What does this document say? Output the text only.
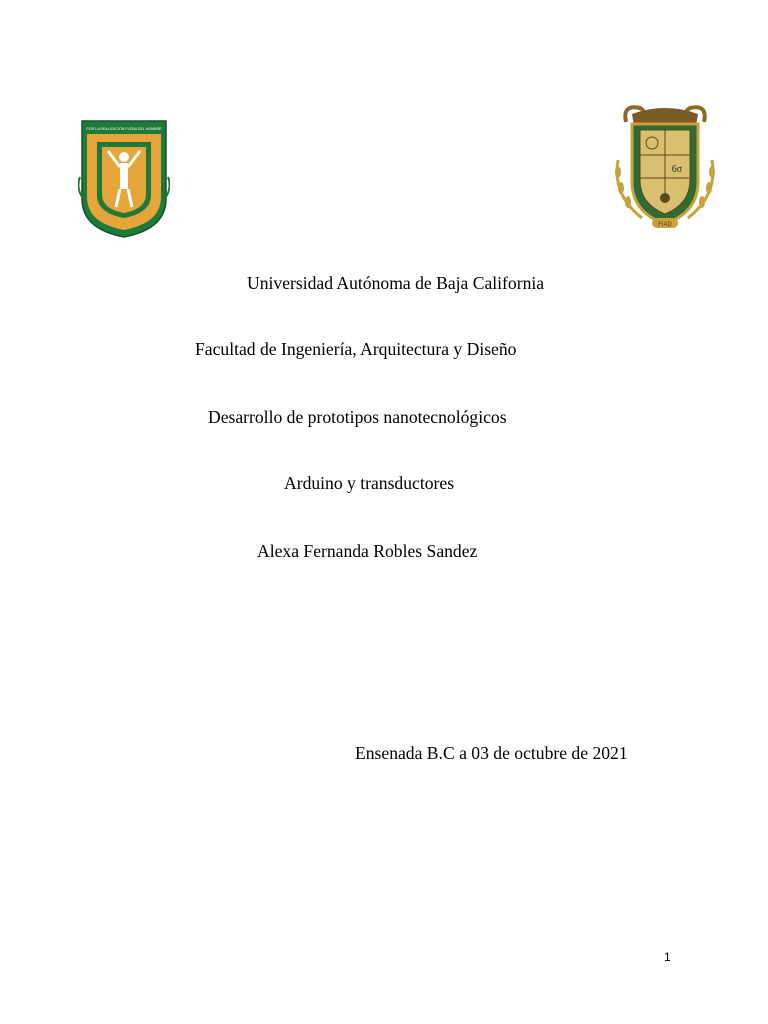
POR LA REALIZACIÓN PLENA DEL HOMBRE
6σ
FIAD
Universidad Autónoma de Baja California
Facultad de Ingeniería, Arquitectura y Diseño
Desarrollo de prototipos nanotecnológicos
Arduino y transductores
Alexa Fernanda Robles Sandez
Ensenada B.C a 03 de octubre de 2021
1
